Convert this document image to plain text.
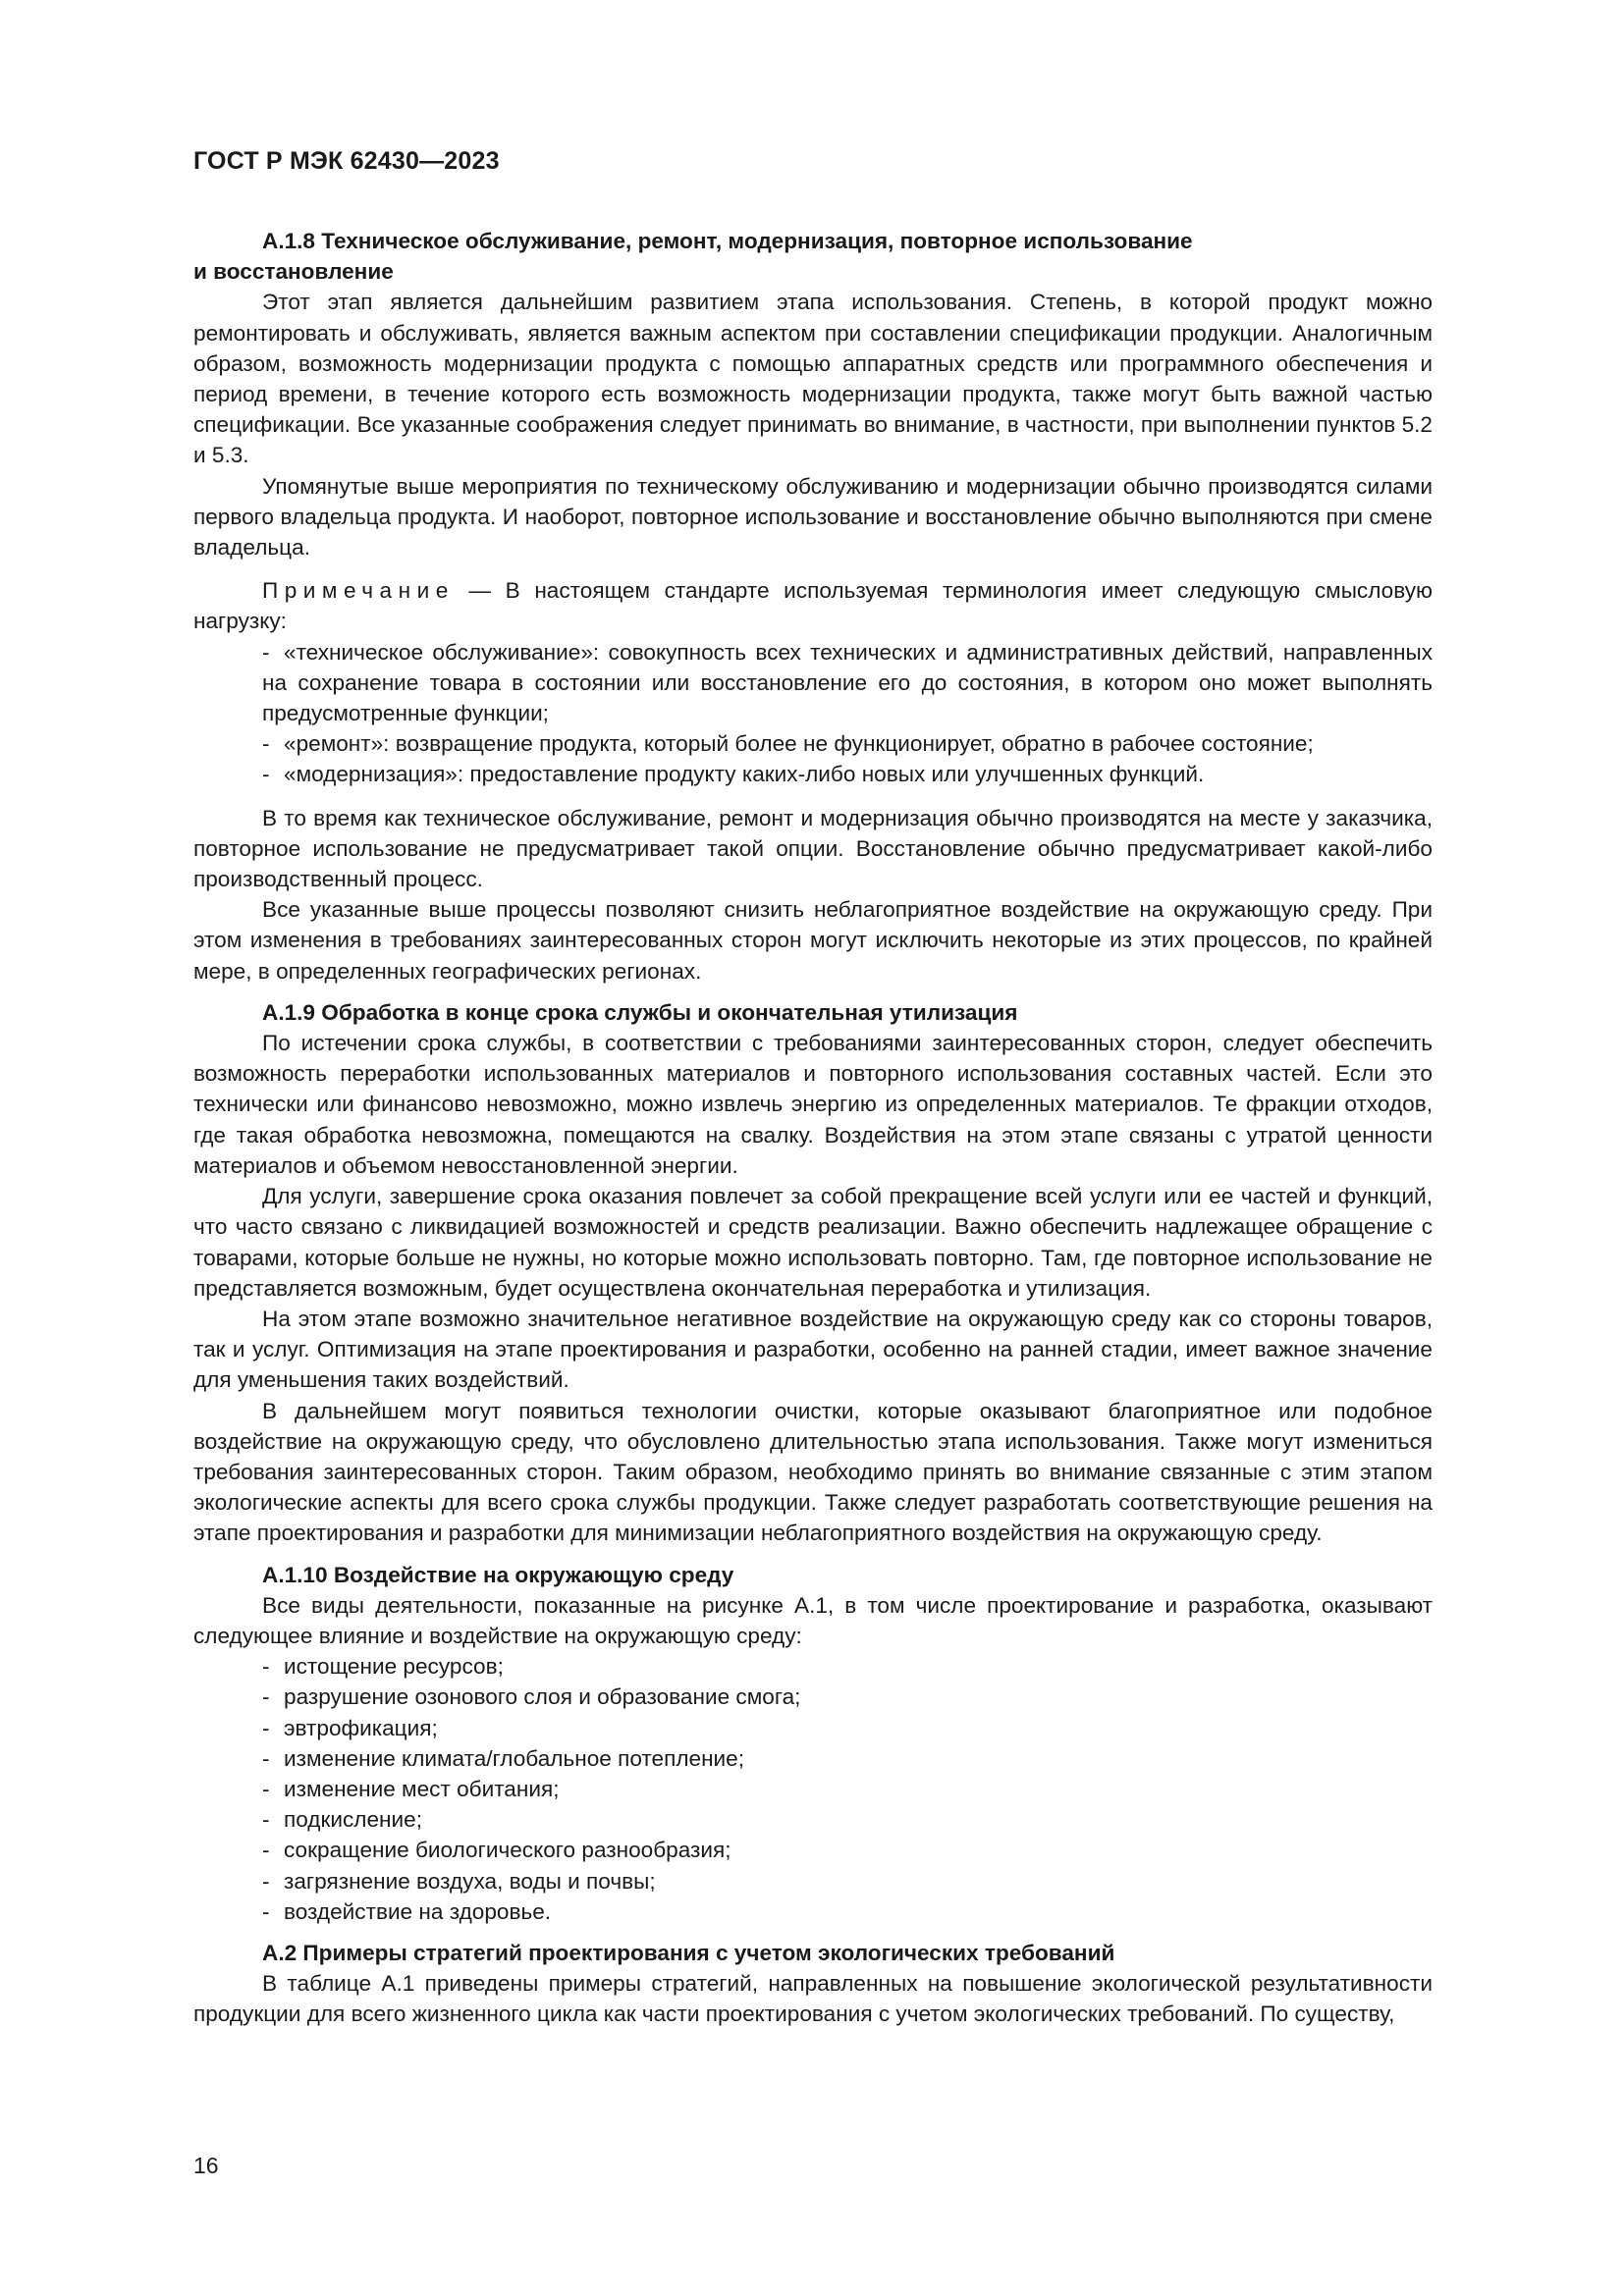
ГОСТ Р МЭК 62430—2023

А.1.8 Техническое обслуживание, ремонт, модернизация, повторное использование

и восстановление

Этот этап является дальнейшим развитием этапа использования. Степень, в которой продукт можно ремонтировать и обслуживать, является важным аспектом при составлении спецификации продукции. Аналогичным образом, возможность модернизации продукта с помощью аппаратных средств или программного обеспечения и период времени, в течение которого есть возможность модернизации продукта, также могут быть важной частью спецификации. Все указанные соображения следует принимать во внимание, в частности, при выполнении пунктов 5.2 и 5.3.

Упомянутые выше мероприятия по техническому обслуживанию и модернизации обычно производятся силами первого владельца продукта. И наоборот, повторное использование и восстановление обычно выполняются при смене владельца.

Примечание — В настоящем стандарте используемая терминология имеет следующую смысловую нагрузку:

- «техническое обслуживание»: совокупность всех технических и административных действий, направленных на сохранение товара в состоянии или восстановление его до состояния, в котором оно может выполнять предусмотренные функции;

- «ремонт»: возвращение продукта, который более не функционирует, обратно в рабочее состояние;

- «модернизация»: предоставление продукту каких-либо новых или улучшенных функций.

В то время как техническое обслуживание, ремонт и модернизация обычно производятся на месте у заказчика, повторное использование не предусматривает такой опции. Восстановление обычно предусматривает какой-либо производственный процесс.

Все указанные выше процессы позволяют снизить неблагоприятное воздействие на окружающую среду. При этом изменения в требованиях заинтересованных сторон могут исключить некоторые из этих процессов, по крайней мере, в определенных географических регионах.

А.1.9 Обработка в конце срока службы и окончательная утилизация

По истечении срока службы, в соответствии с требованиями заинтересованных сторон, следует обеспечить возможность переработки использованных материалов и повторного использования составных частей. Если это технически или финансово невозможно, можно извлечь энергию из определенных материалов. Те фракции отходов, где такая обработка невозможна, помещаются на свалку. Воздействия на этом этапе связаны с утратой ценности материалов и объемом невосстановленной энергии.

Для услуги, завершение срока оказания повлечет за собой прекращение всей услуги или ее частей и функций, что часто связано с ликвидацией возможностей и средств реализации. Важно обеспечить надлежащее обращение с товарами, которые больше не нужны, но которые можно использовать повторно. Там, где повторное использование не представляется возможным, будет осуществлена окончательная переработка и утилизация.

На этом этапе возможно значительное негативное воздействие на окружающую среду как со стороны товаров, так и услуг. Оптимизация на этапе проектирования и разработки, особенно на ранней стадии, имеет важное значение для уменьшения таких воздействий.

В дальнейшем могут появиться технологии очистки, которые оказывают благоприятное или подобное воздействие на окружающую среду, что обусловлено длительностью этапа использования. Также могут измениться требования заинтересованных сторон. Таким образом, необходимо принять во внимание связанные с этим этапом экологические аспекты для всего срока службы продукции. Также следует разработать соответствующие решения на этапе проектирования и разработки для минимизации неблагоприятного воздействия на окружающую среду.

А.1.10 Воздействие на окружающую среду

Все виды деятельности, показанные на рисунке А.1, в том числе проектирование и разработка, оказывают следующее влияние и воздействие на окружающую среду:

- истощение ресурсов;

- разрушение озонового слоя и образование смога;

- эвтрофикация;

- изменение климата/глобальное потепление;

- изменение мест обитания;

- подкисление;

- сокращение биологического разнообразия;

- загрязнение воздуха, воды и почвы;

- воздействие на здоровье.

А.2 Примеры стратегий проектирования с учетом экологических требований

В таблице А.1 приведены примеры стратегий, направленных на повышение экологической результативности продукции для всего жизненного цикла как части проектирования с учетом экологических требований. По существу,

16
